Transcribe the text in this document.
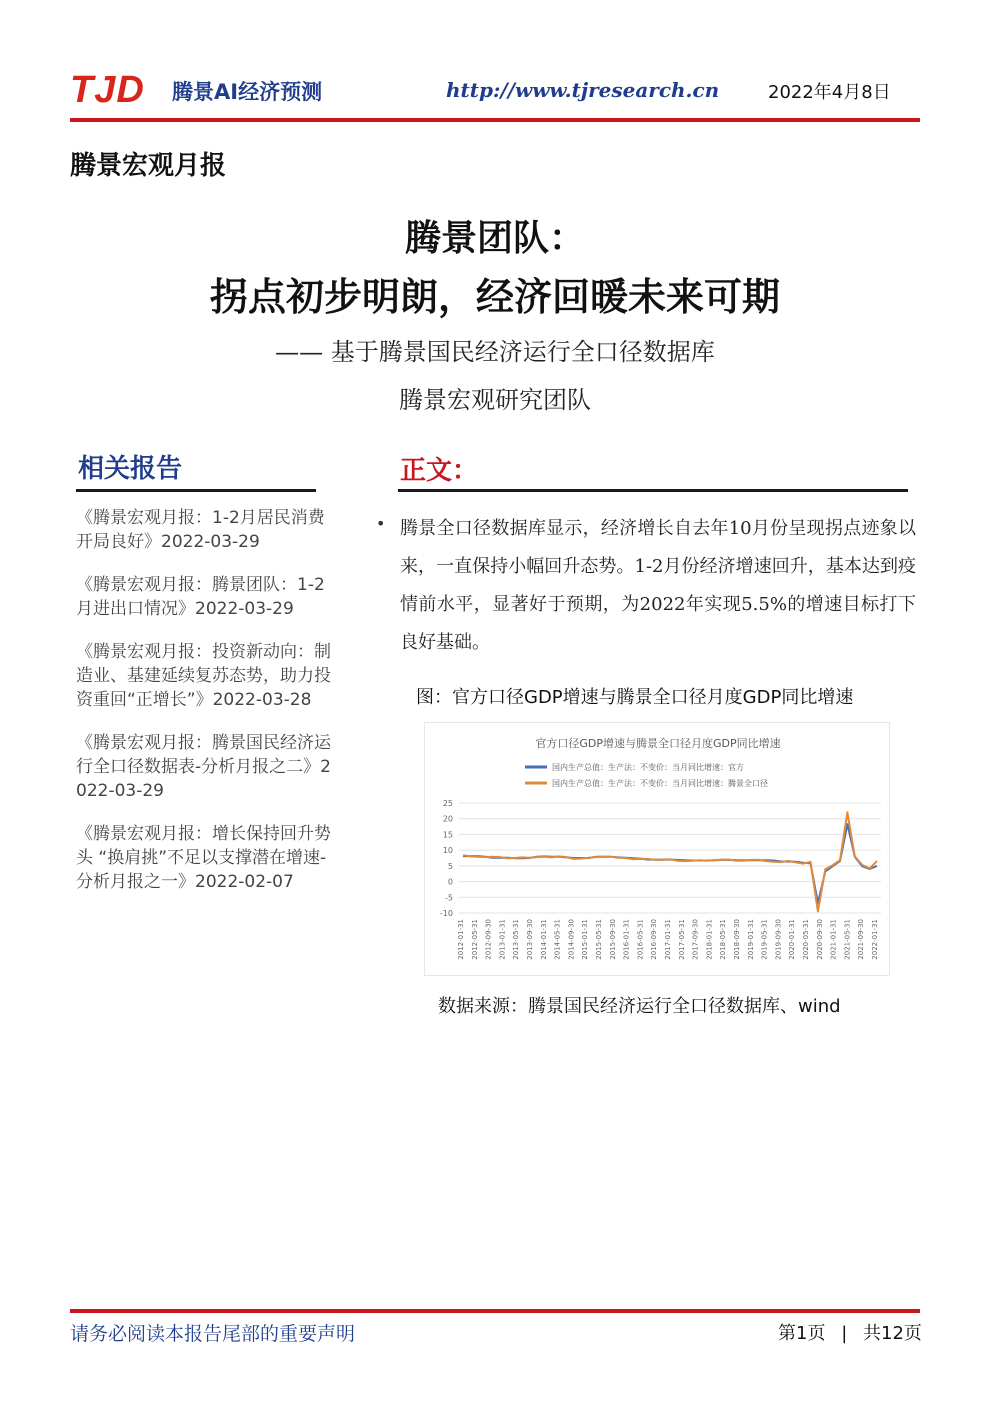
TJD 腾景AI经济预测	http://www.tjresearch.cn	2022年4月8日
腾景宏观月报
腾景团队：
拐点初步明朗，经济回暖未来可期
—— 基于腾景国民经济运行全口径数据库
腾景宏观研究团队
相关报告
《腾景宏观月报：1-2月居民消费开局良好》2022-03-29
《腾景宏观月报：腾景团队：1-2月进出口情况》2022-03-29
《腾景宏观月报：投资新动向：制造业、基建延续复苏态势，助力投资重回“正增长”》2022-03-28
《腾景宏观月报：腾景国民经济运行全口径数据表-分析月报之二》2022-03-29
《腾景宏观月报：增长保持回升势头 “换肩挑”不足以支撑潜在增速-分析月报之一》2022-02-07
正文：
• 腾景全口径数据库显示，经济增长自去年10月份呈现拐点迹象以来，一直保持小幅回升态势。1-2月份经济增速回升，基本达到疫情前水平，显著好于预期，为2022年实现5.5%的增速目标打下良好基础。
图：官方口径GDP增速与腾景全口径月度GDP同比增速
官方口径GDP增速与腾景全口径月度GDP同比增速
国内生产总值：生产法：不变价：当月同比增速：官方
国内生产总值：生产法：不变价：当月同比增速：腾景全口径
-10
-5
0
5
10
15
20
25
2012-01-31 2012-05-31 2012-09-30 2013-01-31 2013-05-31 2013-09-30 2014-01-31 2014-05-31 2014-09-30 2015-01-31 2015-05-31 2015-09-30 2016-01-31 2016-05-31 2016-09-30 2017-01-31 2017-05-31 2017-09-30 2018-01-31 2018-05-31 2018-09-30 2019-01-31 2019-05-31 2019-09-30 2020-01-31 2020-05-31 2020-09-30 2021-01-31 2021-05-31 2021-09-30 2022-01-31
数据来源：腾景国民经济运行全口径数据库、wind
请务必阅读本报告尾部的重要声明	第1页 | 共12页
